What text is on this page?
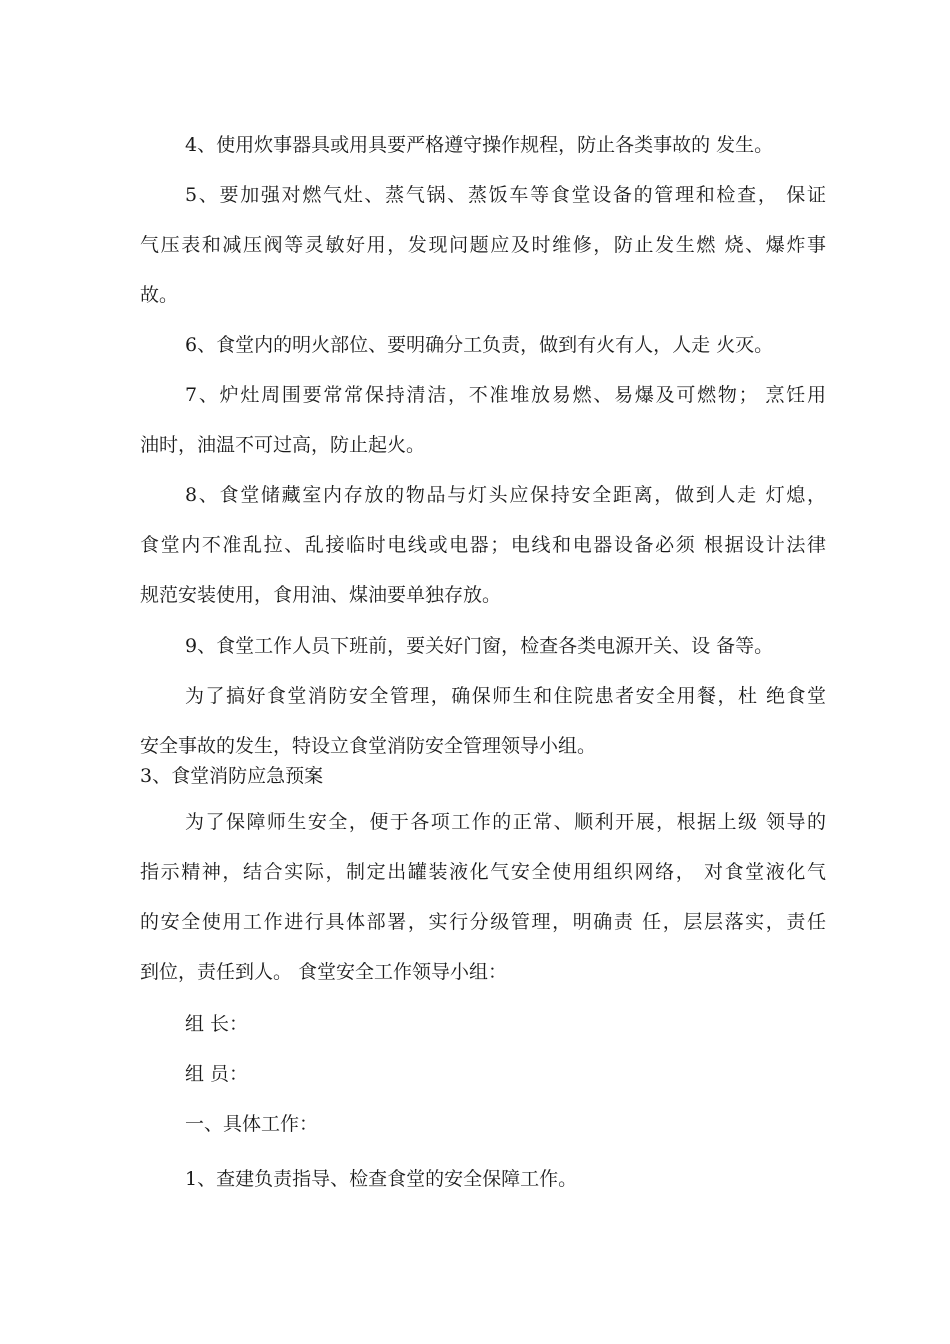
4、使用炊事器具或用具要严格遵守操作规程，防止各类事故的 发生。
5、要加强对燃气灶、蒸气锅、蒸饭车等食堂设备的管理和检查， 保证
气压表和减压阀等灵敏好用，发现问题应及时维修，防止发生燃 烧、爆炸事
故。
6、食堂内的明火部位、要明确分工负责，做到有火有人，人走 火灭。
7、炉灶周围要常常保持清洁，不准堆放易燃、易爆及可燃物； 烹饪用
油时，油温不可过高，防止起火。
8、食堂储藏室内存放的物品与灯头应保持安全距离，做到人走 灯熄，
食堂内不准乱拉、乱接临时电线或电器；电线和电器设备必须 根据设计法律
规范安装使用，食用油、煤油要单独存放。
9、食堂工作人员下班前，要关好门窗，检查各类电源开关、设 备等。
为了搞好食堂消防安全管理，确保师生和住院患者安全用餐，杜 绝食堂
安全事故的发生，特设立食堂消防安全管理领导小组。
3、食堂消防应急预案
为了保障师生安全，便于各项工作的正常、顺利开展，根据上级 领导的
指示精神，结合实际，制定出罐装液化气安全使用组织网络， 对食堂液化气
的安全使用工作进行具体部署，实行分级管理，明确责 任，层层落实，责任
到位，责任到人。 食堂安全工作领导小组：
组 长：
组 员：
一、具体工作：
1、查建负责指导、检查食堂的安全保障工作。
